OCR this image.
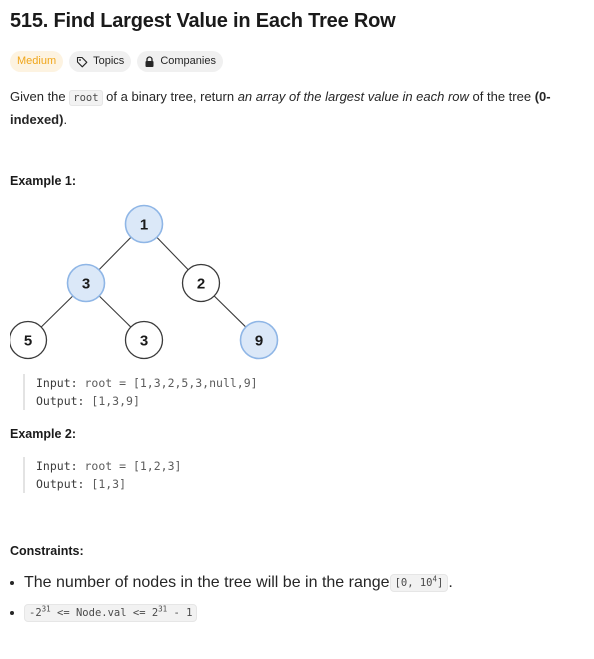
515. Find Largest Value in Each Tree Row
Medium	Topics	Companies
Given the root of a binary tree, return an array of the largest value in each row of the tree (0-indexed).
Example 1:
1
3	2
5	3	9
Input: root = [1,3,2,5,3,null,9]
Output: [1,3,9]
Example 2:
Input: root = [1,2,3]
Output: [1,3]
Constraints:
The number of nodes in the tree will be in the range [0, $10^4$] .
$-2^{31}$ <= Node.val <= $2^{31} - 1$
